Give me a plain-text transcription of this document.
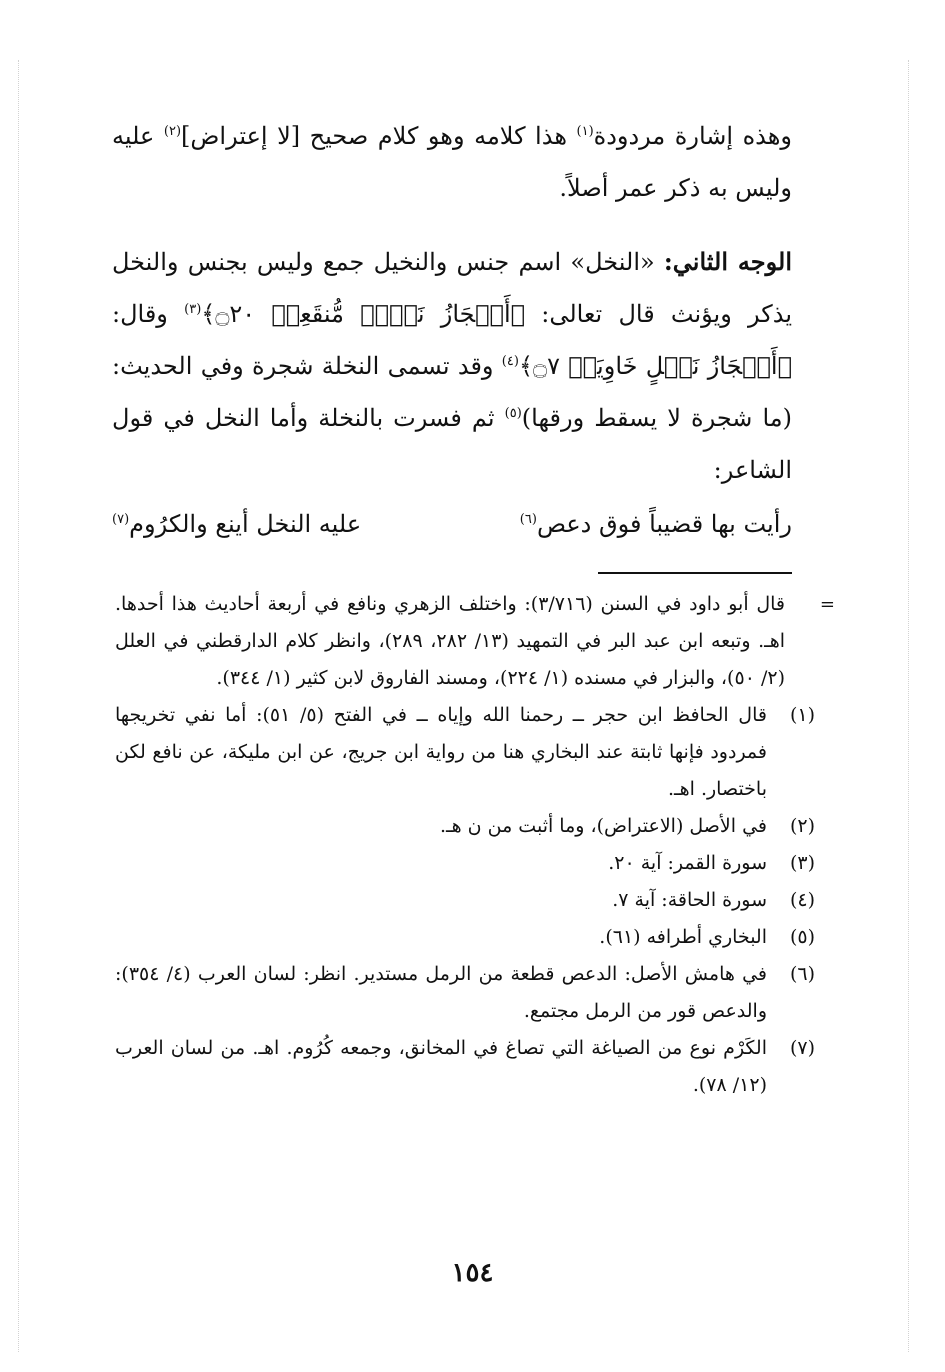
وهذه إشارة مردودة$^{(١)}$ هذا كلامه وهو كلام صحيح [لا إعتراض]$^{(٢)}$ عليه وليس به ذكر عمر أصلاً.

الوجه الثاني: «النخل» اسم جنس والنخيل جمع وليس بجنس والنخل يذكر ويؤنث قال تعالى: ﴿أَعۡجَازُ نَخۡلٖ مُّنقَعِرٖ ۝٢٠﴾$^{(٣)}$ وقال: ﴿أَعۡجَازُ نَخۡلٍ خَاوِيَةٖ ۝٧﴾$^{(٤)}$ وقد تسمى النخلة شجرة وفي الحديث: (ما شجرة لا يسقط ورقها)$^{(٥)}$ ثم فسرت بالنخلة وأما النخل في قول الشاعر:

رأيت بها قضيباً فوق دعص$^{(٦)}$
عليه النخل أينع والكرُوم$^{(٧)}$
=
قال أبو داود في السنن (٣/٧١٦): واختلف الزهري ونافع في أربعة أحاديث هذا أحدها. اهـ. وتبعه ابن عبد البر في التمهيد (١٣/ ٢٨٢، ٢٨٩)، وانظر كلام الدارقطني في العلل (٢/ ٥٠)، والبزار في مسنده (١/ ٢٢٤)، ومسند الفاروق لابن كثير (١/ ٣٤٤).
(١)
قال الحافظ ابن حجر ــ رحمنا الله وإياه ــ في الفتح (٥/ ٥١): أما نفي تخريجها فمردود فإنها ثابتة عند البخاري هنا من رواية ابن جريج، عن ابن مليكة، عن نافع لكن باختصار. اهـ.
(٢)
في الأصل (الاعتراض)، وما أثبت من ن هـ.
(٣)
سورة القمر: آية ٢٠.
(٤)
سورة الحاقة: آية ٧.
(٥)
البخاري أطرافه (٦١).
(٦)
في هامش الأصل: الدعص قطعة من الرمل مستدير. انظر: لسان العرب (٤/ ٣٥٤): والدعص قور من الرمل مجتمع.
(٧)
الكَرْم نوع من الصياغة التي تصاغ في المخانق، وجمعه كُرُوم. اهـ. من لسان العرب (١٢/ ٧٨).
١٥٤
